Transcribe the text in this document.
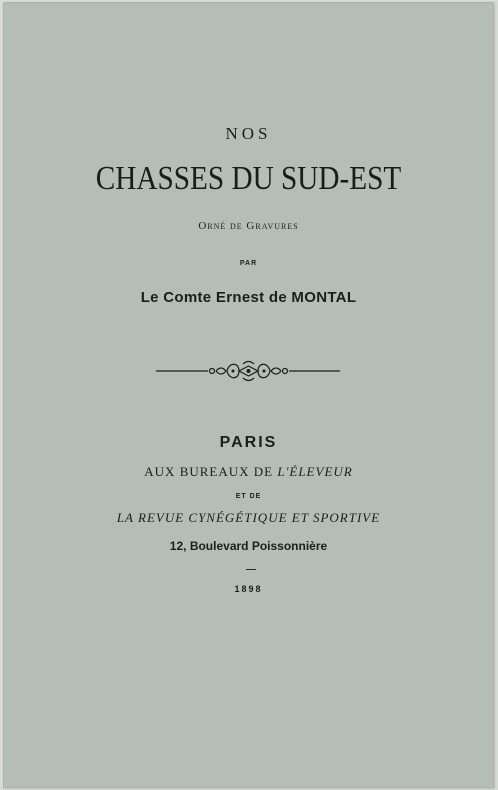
NOS
CHASSES DU SUD-EST
Orné de Gravures
PAR
Le Comte Ernest de MONTAL
PARIS
AUX BUREAUX DE L'ÉLEVEUR
ET DE
LA REVUE CYNÉGÉTIQUE ET SPORTIVE
12, Boulevard Poissonnière
1898
